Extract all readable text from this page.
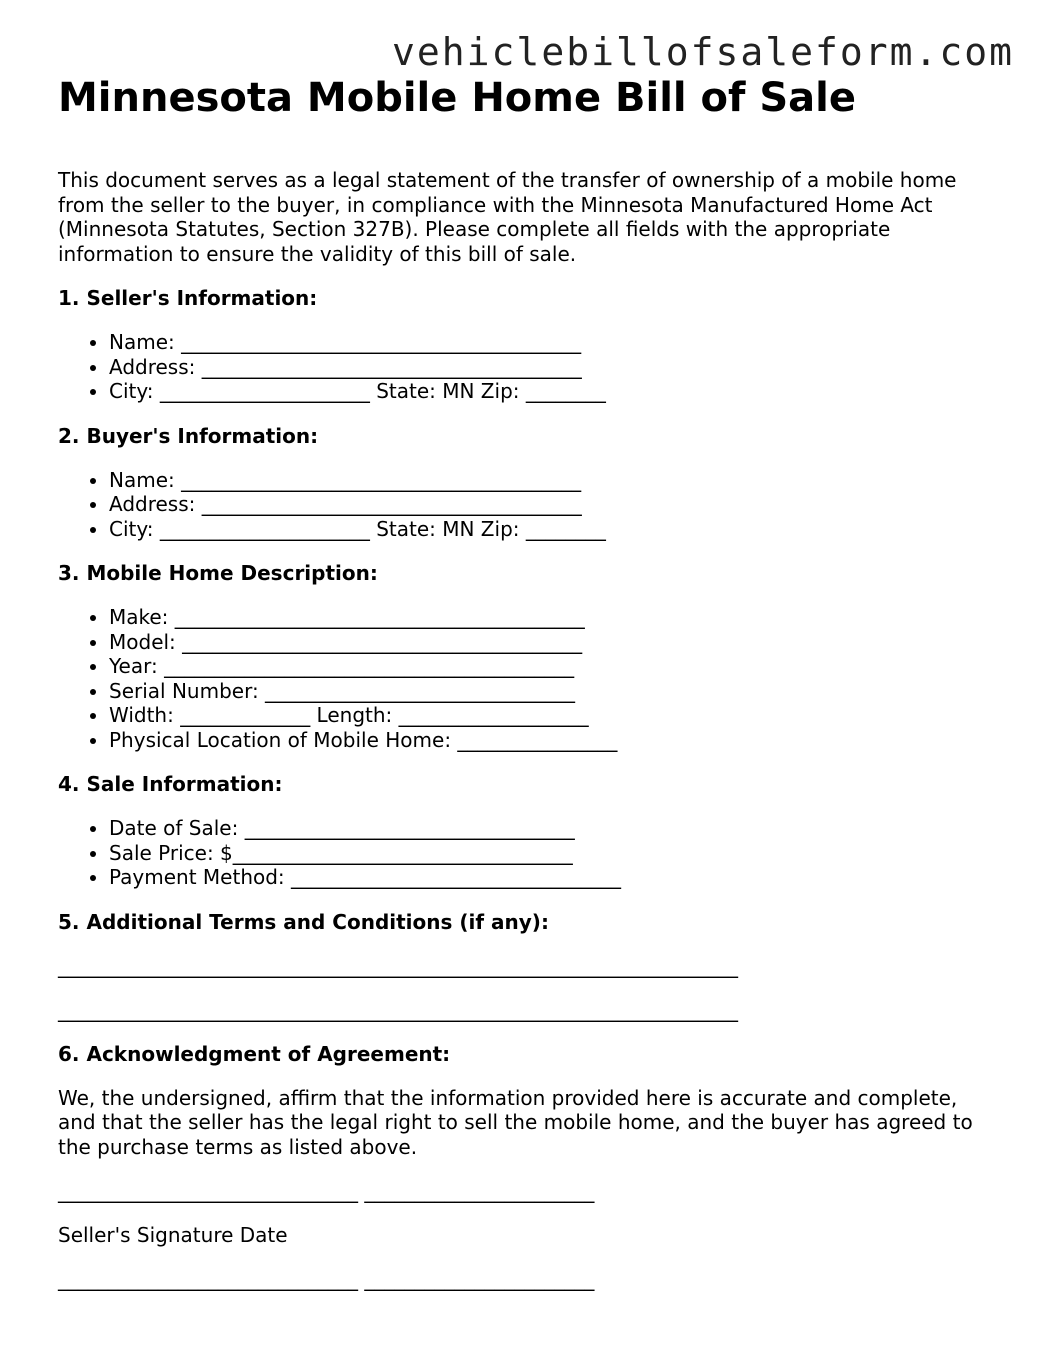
vehiclebillofsaleform.com
Minnesota Mobile Home Bill of Sale

This document serves as a legal statement of the transfer of ownership of a mobile home from the seller to the buyer, in compliance with the Minnesota Manufactured Home Act (Minnesota Statutes, Section 327B). Please complete all fields with the appropriate information to ensure the validity of this bill of sale.

1. Seller's Information:
• Name: ________________________________________
• Address: ______________________________________
• City: _____________________ State: MN Zip: ________
2. Buyer's Information:
• Name: ________________________________________
• Address: ______________________________________
• City: _____________________ State: MN Zip: ________
3. Mobile Home Description:
• Make: _________________________________________
• Model: ________________________________________
• Year: _________________________________________
• Serial Number: _______________________________
• Width: _____________ Length: ___________________
• Physical Location of Mobile Home: ________________
4. Sale Information:
• Date of Sale: _________________________________
• Sale Price: $__________________________________
• Payment Method: _________________________________
5. Additional Terms and Conditions (if any):
____________________________________________________________________
____________________________________________________________________
6. Acknowledgment of Agreement:

We, the undersigned, affirm that the information provided here is accurate and complete, and that the seller has the legal right to sell the mobile home, and the buyer has agreed to the purchase terms as listed above.

______________________________ _______________________
Seller's Signature Date
______________________________ _______________________
